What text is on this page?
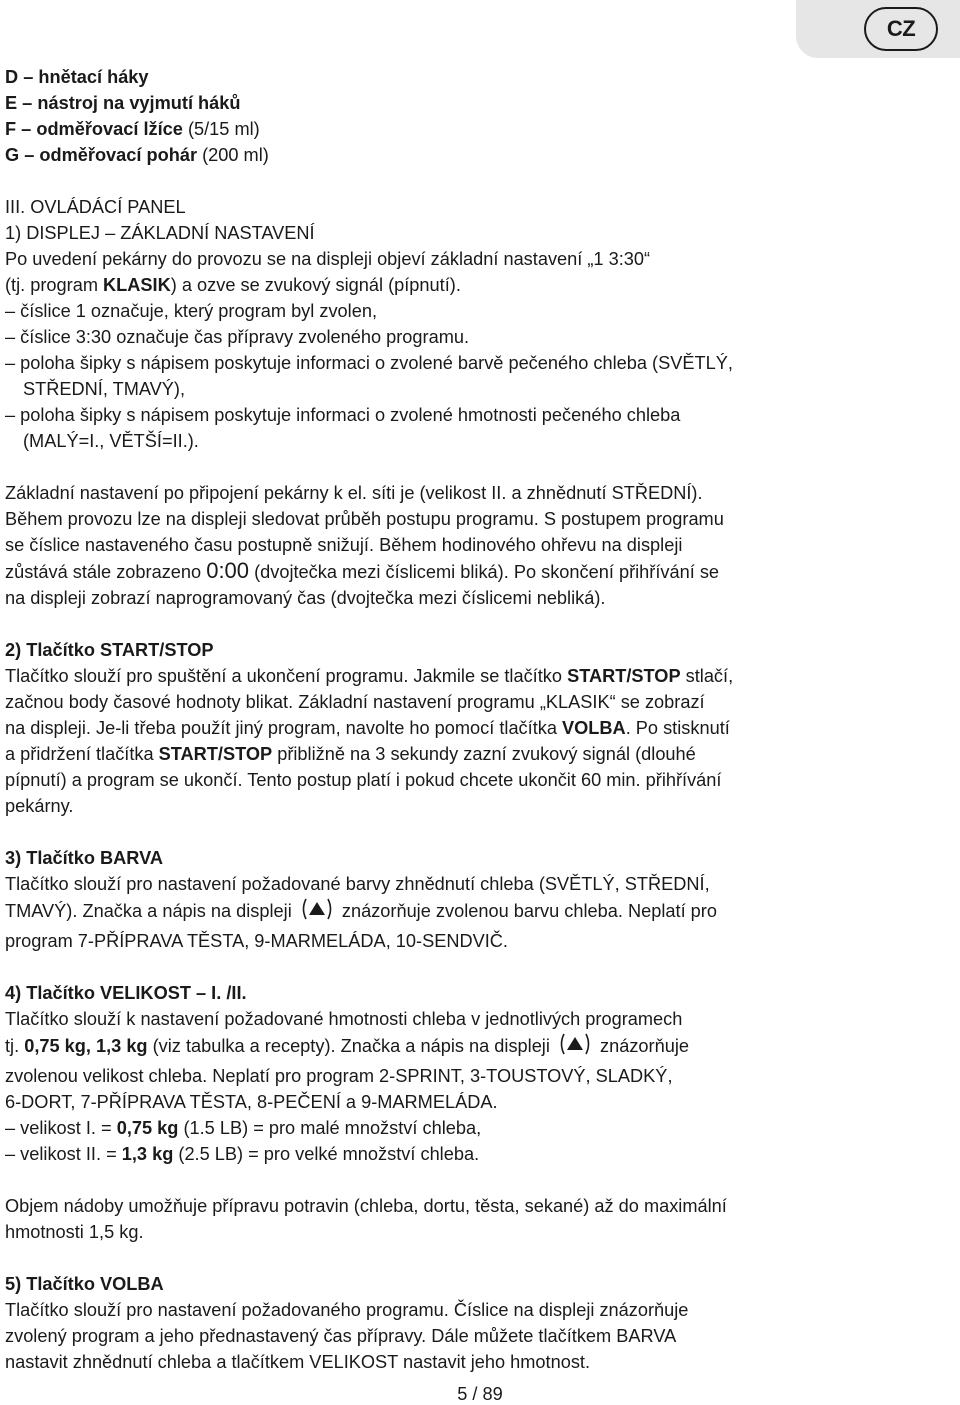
CZ

D – hnětací háky

E – nástroj na vyjmutí háků

F – odměřovací lžíce (5/15 ml)

G – odměřovací pohár (200 ml)

III. OVLÁDÁCÍ PANEL

1) DISPLEJ – ZÁKLADNÍ NASTAVENÍ

Po uvedení pekárny do provozu se na displeji objeví základní nastavení „1 3:30“

(tj. program KLASIK) a ozve se zvukový signál (pípnutí).

– číslice 1 označuje, který program byl zvolen,

– číslice 3:30 označuje čas přípravy zvoleného programu.

– poloha šipky s nápisem poskytuje informaci o zvolené barvě pečeného chleba (SVĚTLÝ,

STŘEDNÍ, TMAVÝ),

– poloha šipky s nápisem poskytuje informaci o zvolené hmotnosti pečeného chleba

(MALÝ=I., VĚTŠÍ=II.).

Základní nastavení po připojení pekárny k el. síti je (velikost II. a zhnědnutí STŘEDNÍ).

Během provozu lze na displeji sledovat průběh postupu programu. S postupem programu

se číslice nastaveného času postupně snižují. Během hodinového ohřevu na displeji

zůstává stále zobrazeno 0:00 (dvojtečka mezi číslicemi bliká). Po skončení přihřívání se

na displeji zobrazí naprogramovaný čas (dvojtečka mezi číslicemi nebliká).

2) Tlačítko START/STOP

Tlačítko slouží pro spuštění a ukončení programu. Jakmile se tlačítko START/STOP stlačí,

začnou body časové hodnoty blikat. Základní nastavení programu „KLASIK“ se zobrazí

na displeji. Je-li třeba použít jiný program, navolte ho pomocí tlačítka VOLBA. Po stisknutí

a přidržení tlačítka START/STOP přibližně na 3 sekundy zazní zvukový signál (dlouhé

pípnutí) a program se ukončí. Tento postup platí i pokud chcete ukončit 60 min. přihřívání

pekárny.

3) Tlačítko BARVA

Tlačítko slouží pro nastavení požadované barvy zhnědnutí chleba (SVĚTLÝ, STŘEDNÍ,

TMAVÝ). Značka a nápis na displeji  znázorňuje zvolenou barvu chleba. Neplatí pro

program 7-PŘÍPRAVA TĚSTA, 9-MARMELÁDA, 10-SENDVIČ.

4) Tlačítko VELIKOST – I. /II.

Tlačítko slouží k nastavení požadované hmotnosti chleba v jednotlivých programech

tj. 0,75 kg, 1,3 kg (viz tabulka a recepty). Značka a nápis na displeji  znázorňuje

zvolenou velikost chleba. Neplatí pro program 2-SPRINT, 3-TOUSTOVÝ, SLADKÝ,

6-DORT, 7-PŘÍPRAVA TĚSTA, 8-PEČENÍ a 9-MARMELÁDA.

– velikost I. = 0,75 kg (1.5 LB) = pro malé množství chleba,

– velikost II. = 1,3 kg (2.5 LB) = pro velké množství chleba.

Objem nádoby umožňuje přípravu potravin (chleba, dortu, těsta, sekané) až do maximální

hmotnosti 1,5 kg.

5) Tlačítko VOLBA

Tlačítko slouží pro nastavení požadovaného programu. Číslice na displeji znázorňuje

zvolený program a jeho přednastavený čas přípravy. Dále můžete tlačítkem BARVA

nastavit zhnědnutí chleba a tlačítkem VELIKOST nastavit jeho hmotnost.

5 / 89
